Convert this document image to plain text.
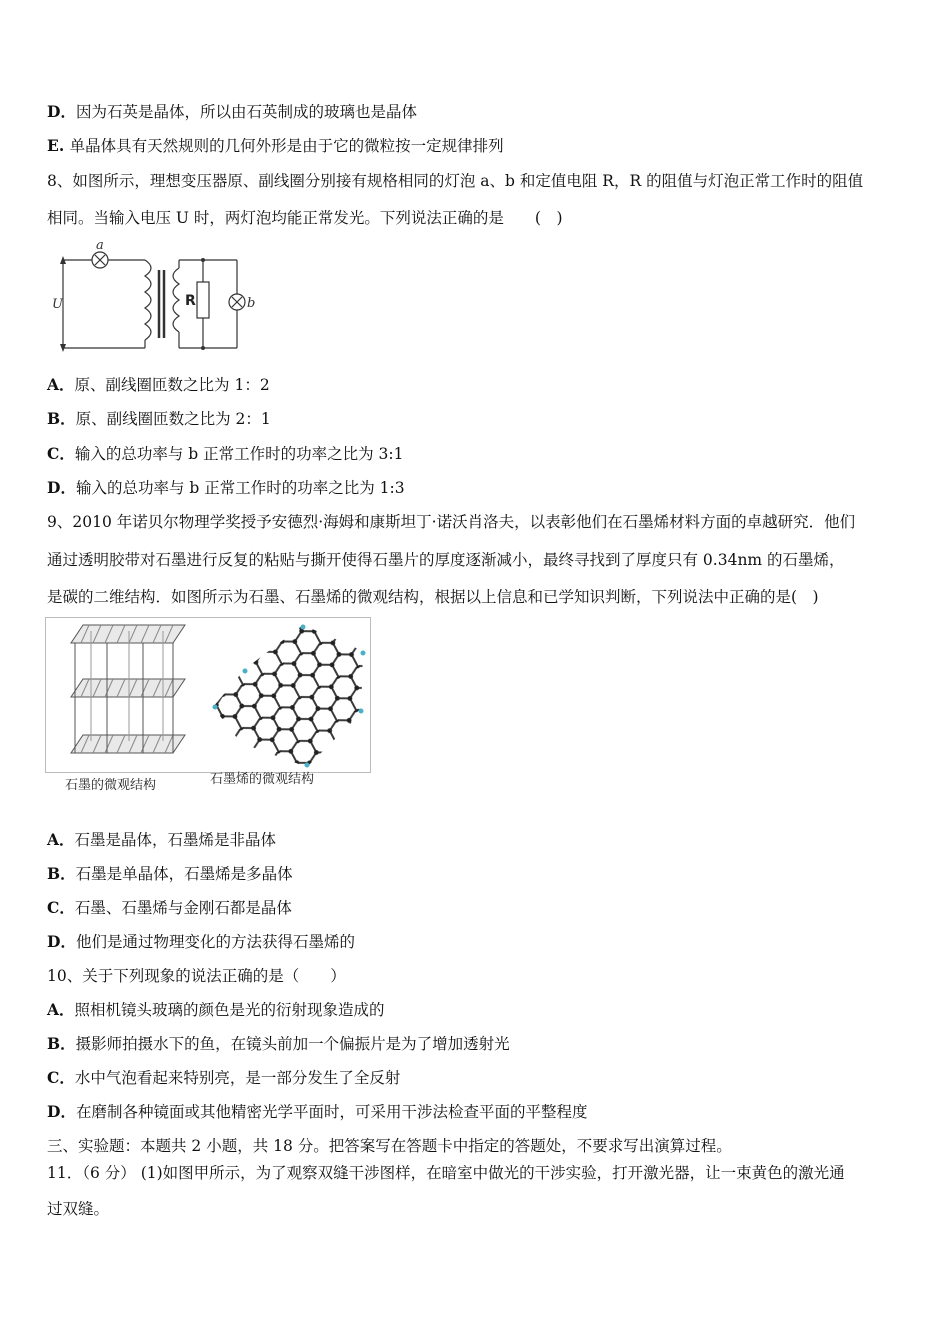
D．因为石英是晶体，所以由石英制成的玻璃也是晶体
E. 单晶体具有天然规则的几何外形是由于它的微粒按一定规律排列
8、如图所示，理想变压器原、副线圈分别接有规格相同的灯泡 a、b 和定值电阻 R，R 的阻值与灯泡正常工作时的阻值
相同。当输入电压 U 时，两灯泡均能正常发光。下列说法正确的是　　(　)
a
b
R
U
A．原、副线圈匝数之比为 1：2
B．原、副线圈匝数之比为 2：1
C．输入的总功率与 b 正常工作时的功率之比为 3:1
D．输入的总功率与 b 正常工作时的功率之比为 1:3
9、2010 年诺贝尔物理学奖授予安德烈·海姆和康斯坦丁·诺沃肖洛夫，以表彰他们在石墨烯材料方面的卓越研究．他们
通过透明胶带对石墨进行反复的粘贴与撕开使得石墨片的厚度逐渐减小，最终寻找到了厚度只有 0.34nm 的石墨烯，
是碳的二维结构．如图所示为石墨、石墨烯的微观结构，根据以上信息和已学知识判断，下列说法中正确的是(　)
石墨的微观结构	石墨烯的微观结构
A．石墨是晶体，石墨烯是非晶体
B．石墨是单晶体，石墨烯是多晶体
C．石墨、石墨烯与金刚石都是晶体
D．他们是通过物理变化的方法获得石墨烯的
10、关于下列现象的说法正确的是（　　）
A．照相机镜头玻璃的颜色是光的衍射现象造成的
B．摄影师拍摄水下的鱼，在镜头前加一个偏振片是为了增加透射光
C．水中气泡看起来特别亮，是一部分发生了全反射
D．在磨制各种镜面或其他精密光学平面时，可采用干涉法检查平面的平整程度
三、实验题：本题共 2 小题，共 18 分。把答案写在答题卡中指定的答题处，不要求写出演算过程。
11．（6 分） (1)如图甲所示，为了观察双缝干涉图样，在暗室中做光的干涉实验，打开激光器，让一束黄色的激光通
过双缝。
